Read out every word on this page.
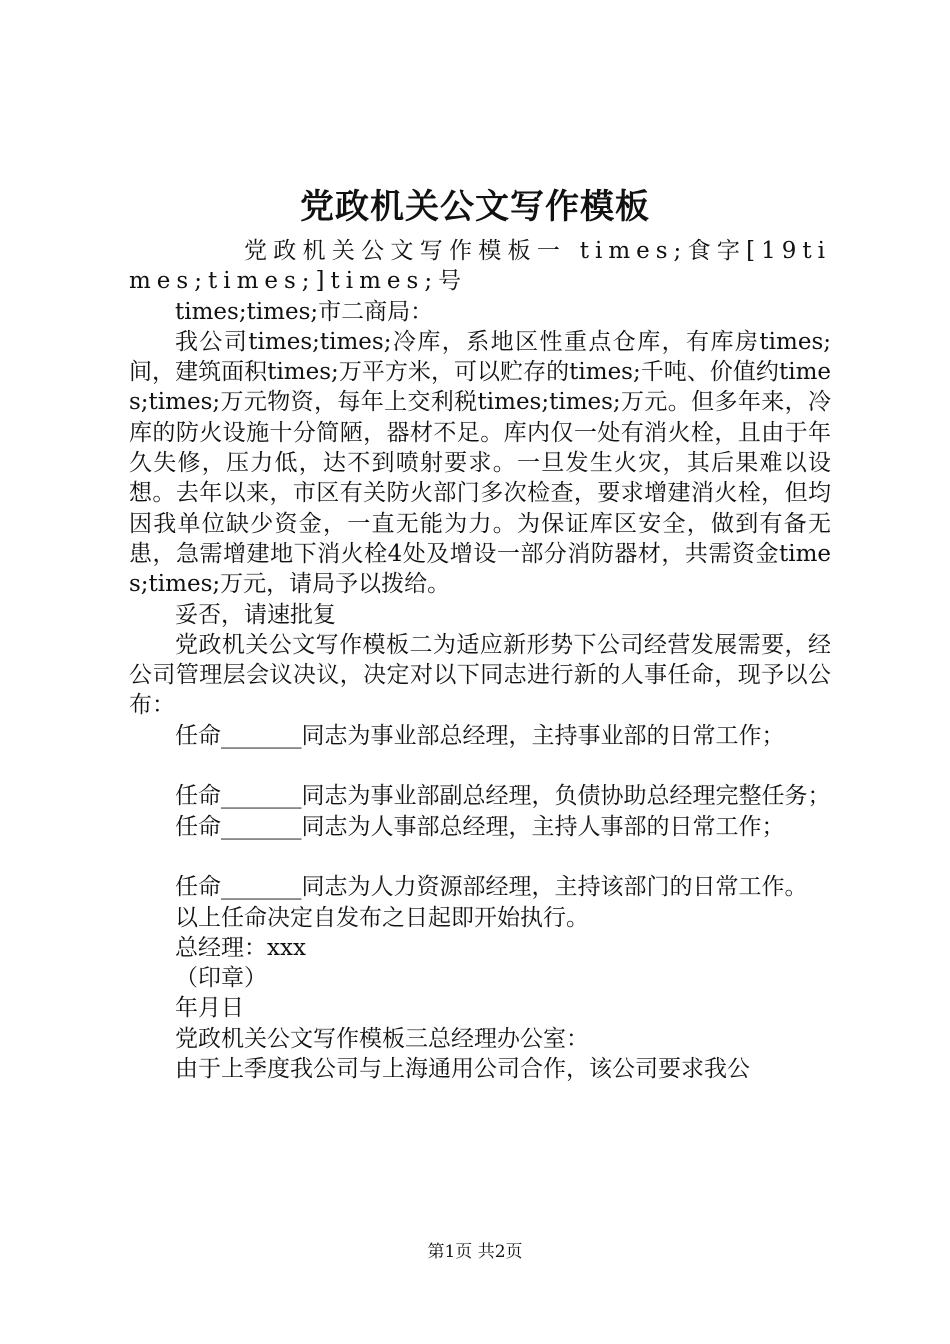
党政机关公文写作模板

党政机关公文写作模板一 times;食字[19times;times;]times;号

times;times;市二商局：

我公司times;times;冷库，系地区性重点仓库，有库房times;间，建筑面积times;万平方米，可以贮存的times;千吨、价值约times;times;万元物资，每年上交利税times;times;万元。但多年来，冷库的防火设施十分简陋，器材不足。库内仅一处有消火栓，且由于年久失修，压力低，达不到喷射要求。一旦发生火灾，其后果难以设想。去年以来，市区有关防火部门多次检查，要求增建消火栓，但均因我单位缺少资金，一直无能为力。为保证库区安全，做到有备无患，急需增建地下消火栓4处及增设一部分消防器材，共需资金times;times;万元，请局予以拨给。

妥否，请速批复

党政机关公文写作模板二为适应新形势下公司经营发展需要，经公司管理层会议决议，决定对以下同志进行新的人事任命，现予以公布：

任命_______同志为事业部总经理，主持事业部的日常工作；

任命_______同志为事业部副总经理，负债协助总经理完整任务；

任命_______同志为人事部总经理，主持人事部的日常工作；

任命_______同志为人力资源部经理，主持该部门的日常工作。

以上任命决定自发布之日起即开始执行。

总经理：xxx

（印章）

年月日

党政机关公文写作模板三总经理办公室：

由于上季度我公司与上海通用公司合作，该公司要求我公

第1页 共2页
